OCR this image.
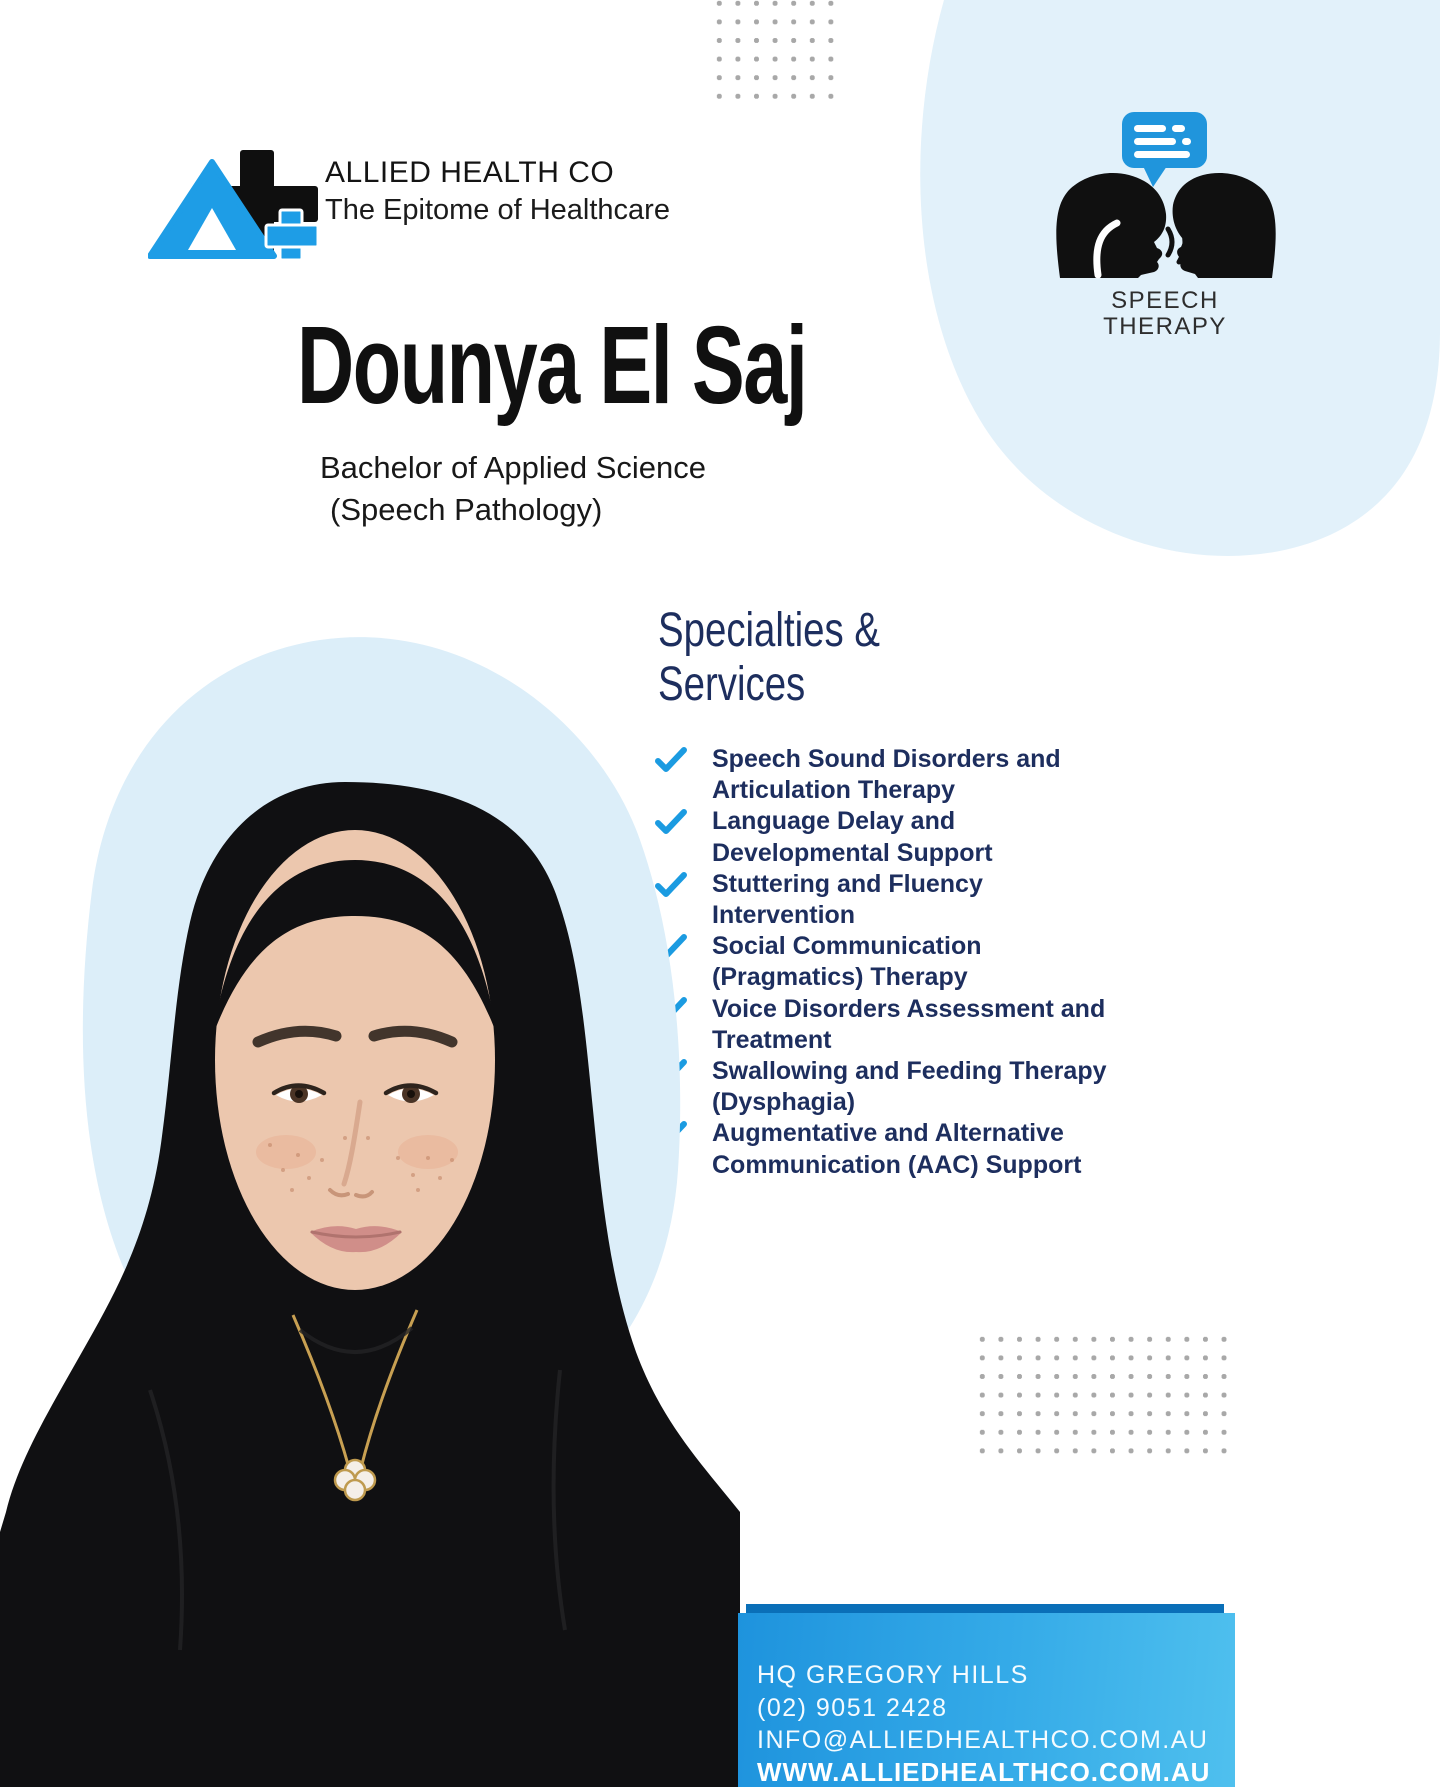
ALLIED HEALTH CO
The Epitome of Healthcare
SPEECH
THERAPY
Dounya El Saj
Bachelor of Applied Science
(Speech Pathology)
Specialties &
Services
Speech Sound Disorders and
Articulation Therapy
Language Delay and
Developmental Support
Stuttering and Fluency
Intervention
Social Communication
(Pragmatics) Therapy
Voice Disorders Assessment and
Treatment
Swallowing and Feeding Therapy
(Dysphagia)
Augmentative and Alternative
Communication (AAC) Support
HQ GREGORY HILLS
(02) 9051 2428
INFO@ALLIEDHEALTHCO.COM.AU
WWW.ALLIEDHEALTHCO.COM.AU
